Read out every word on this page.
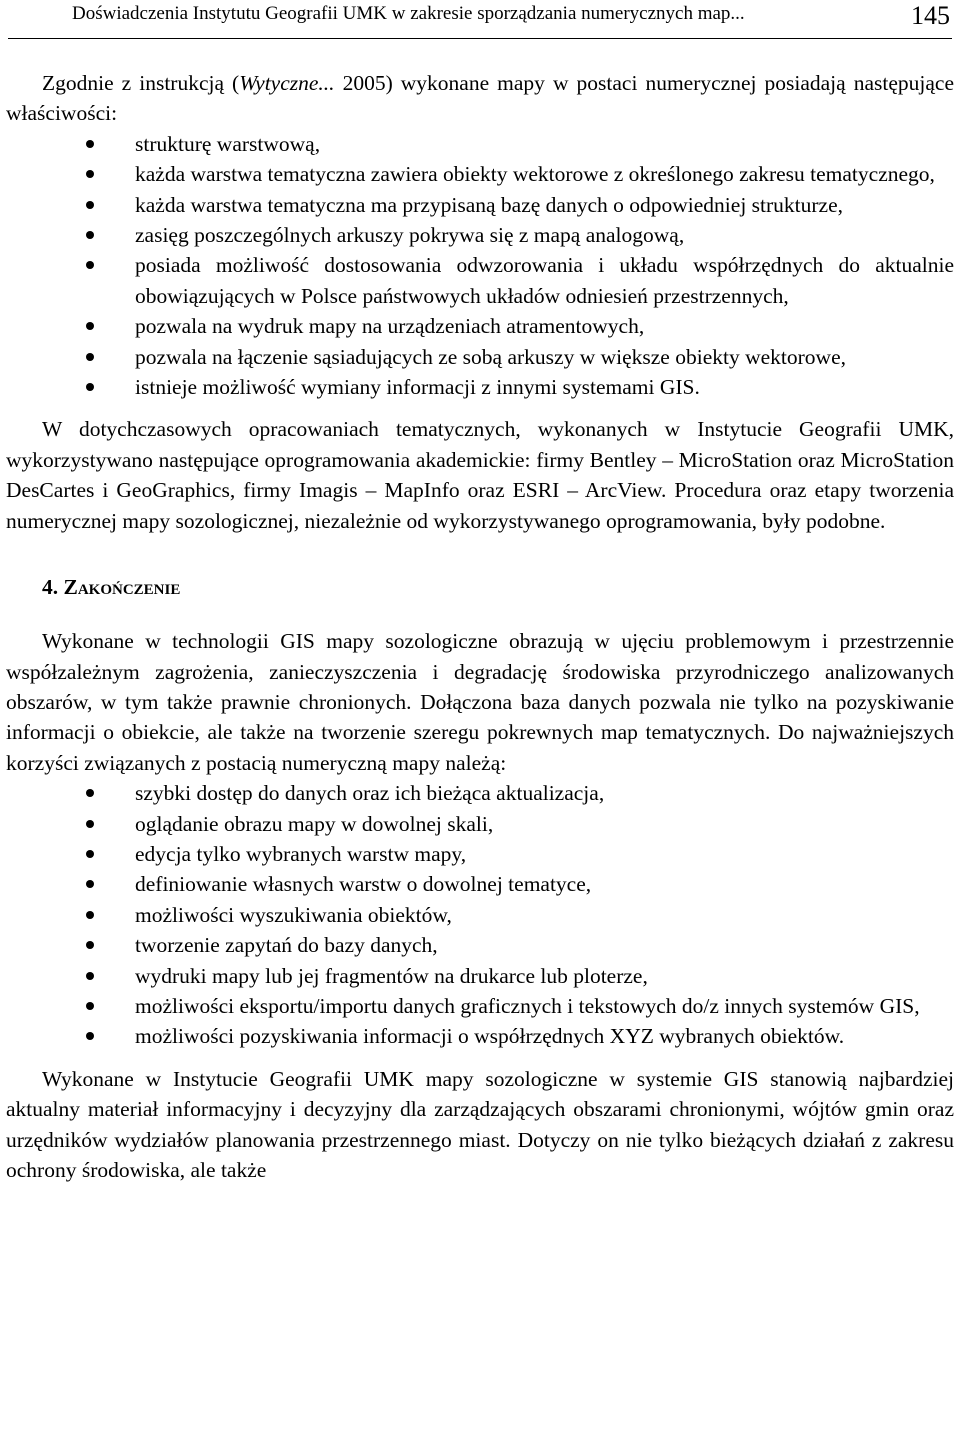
Doświadczenia Instytutu Geografii UMK w zakresie sporządzania numerycznych map...	145

Zgodnie z instrukcją (Wytyczne... 2005) wykonane mapy w postaci numerycznej posiadają następujące właściwości:

strukturę warstwową,
każda warstwa tematyczna zawiera obiekty wektorowe z określonego zakresu tematycznego,
każda warstwa tematyczna ma przypisaną bazę danych o odpowiedniej strukturze,
zasięg poszczególnych arkuszy pokrywa się z mapą analogową,
posiada możliwość dostosowania odwzorowania i układu współrzędnych do aktualnie obowiązujących w Polsce państwowych układów odniesień przestrzennych,
pozwala na wydruk mapy na urządzeniach atramentowych,
pozwala na łączenie sąsiadujących ze sobą arkuszy w większe obiekty wektorowe,
istnieje możliwość wymiany informacji z innymi systemami GIS.

W dotychczasowych opracowaniach tematycznych, wykonanych w Instytucie Geografii UMK, wykorzystywano następujące oprogramowania akademickie: firmy Bentley – MicroStation oraz MicroStation DesCartes i GeoGraphics, firmy Imagis – MapInfo oraz ESRI – ArcView. Procedura oraz etapy tworzenia numerycznej mapy sozologicznej, niezależnie od wykorzystywanego oprogramowania, były podobne.

4. Zakończenie

Wykonane w technologii GIS mapy sozologiczne obrazują w ujęciu problemowym i przestrzennie współzależnym zagrożenia, zanieczyszczenia i degradację środowiska przyrodniczego analizowanych obszarów, w tym także prawnie chronionych. Dołączona baza danych pozwala nie tylko na pozyskiwanie informacji o obiekcie, ale także na tworzenie szeregu pokrewnych map tematycznych. Do najważniejszych korzyści związanych z postacią numeryczną mapy należą:

szybki dostęp do danych oraz ich bieżąca aktualizacja,
oglądanie obrazu mapy w dowolnej skali,
edycja tylko wybranych warstw mapy,
definiowanie własnych warstw o dowolnej tematyce,
możliwości wyszukiwania obiektów,
tworzenie zapytań do bazy danych,
wydruki mapy lub jej fragmentów na drukarce lub ploterze,
możliwości eksportu/importu danych graficznych i tekstowych do/z innych systemów GIS,
możliwości pozyskiwania informacji o współrzędnych XYZ wybranych obiektów.

Wykonane w Instytucie Geografii UMK mapy sozologiczne w systemie GIS stanowią najbardziej aktualny materiał informacyjny i decyzyjny dla zarządzających obszarami chronionymi, wójtów gmin oraz urzędników wydziałów planowania przestrzennego miast. Dotyczy on nie tylko bieżących działań z zakresu ochrony środowiska, ale także
